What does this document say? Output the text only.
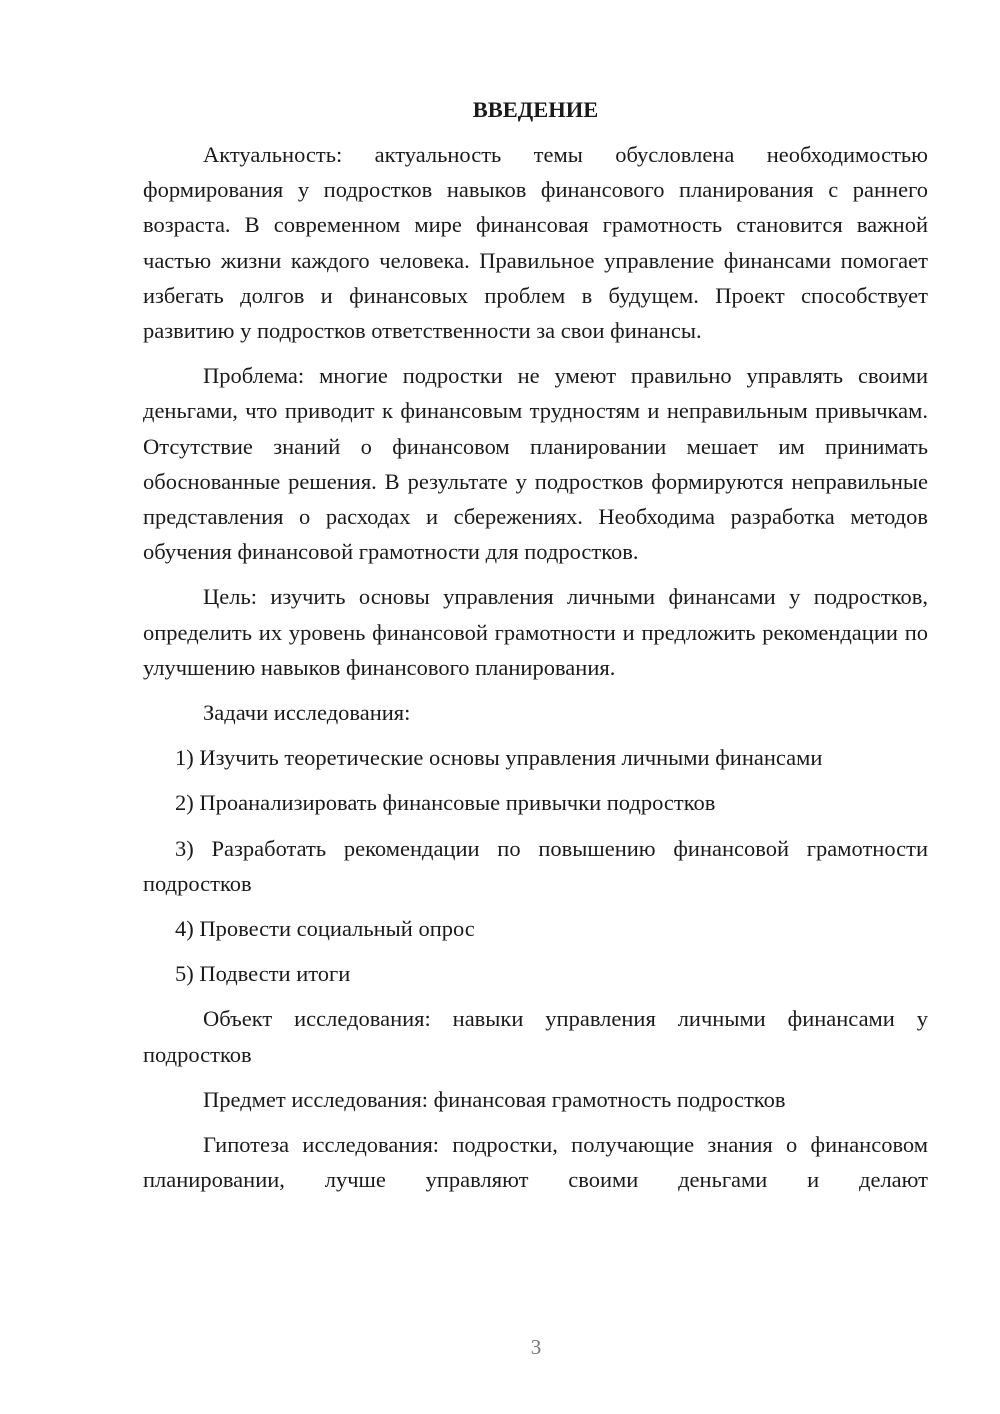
ВВЕДЕНИЕ
Актуальность: актуальность темы обусловлена необходимостью формирования у подростков навыков финансового планирования с раннего возраста. В современном мире финансовая грамотность становится важной частью жизни каждого человека. Правильное управление финансами помогает избегать долгов и финансовых проблем в будущем. Проект способствует развитию у подростков ответственности за свои финансы.
Проблема: многие подростки не умеют правильно управлять своими деньгами, что приводит к финансовым трудностям и неправильным привычкам. Отсутствие знаний о финансовом планировании мешает им принимать обоснованные решения. В результате у подростков формируются неправильные представления о расходах и сбережениях. Необходима разработка методов обучения финансовой грамотности для подростков.
Цель: изучить основы управления личными финансами у подростков, определить их уровень финансовой грамотности и предложить рекомендации по улучшению навыков финансового планирования.
Задачи исследования:
1) Изучить теоретические основы управления личными финансами
2) Проанализировать финансовые привычки подростков
3) Разработать рекомендации по повышению финансовой грамотности подростков
4) Провести социальный опрос
5) Подвести итоги
Объект исследования: навыки управления личными финансами у подростков
Предмет исследования: финансовая грамотность подростков
Гипотеза исследования: подростки, получающие знания о финансовом планировании, лучше управляют своими деньгами и делают
3
